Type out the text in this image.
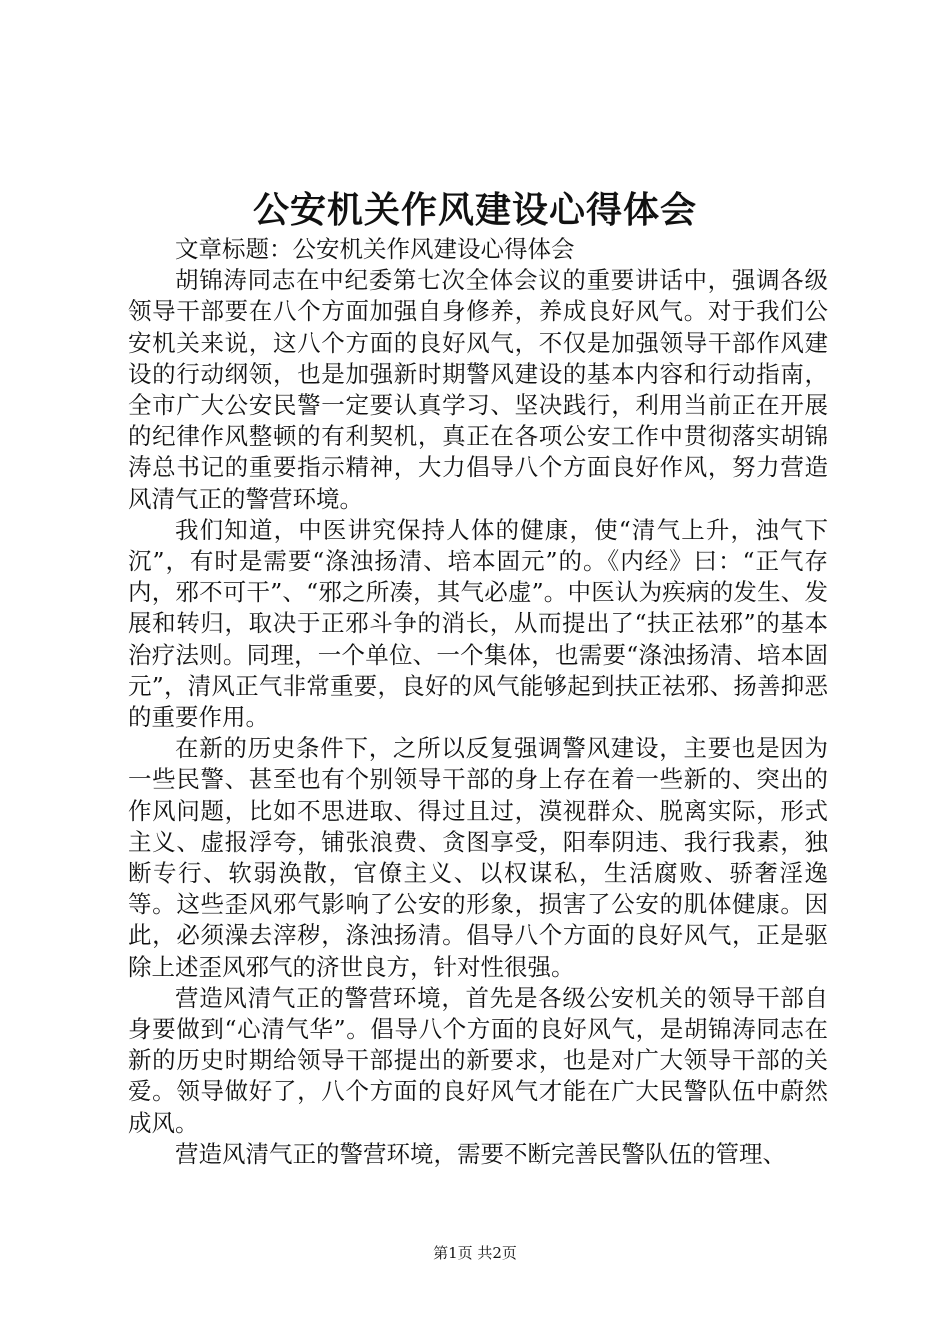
公安机关作风建设心得体会

文章标题：公安机关作风建设心得体会

胡锦涛同志在中纪委第七次全体会议的重要讲话中，强调各级领导干部要在八个方面加强自身修养，养成良好风气。对于我们公安机关来说，这八个方面的良好风气，不仅是加强领导干部作风建设的行动纲领，也是加强新时期警风建设的基本内容和行动指南，全市广大公安民警一定要认真学习、坚决践行，利用当前正在开展的纪律作风整顿的有利契机，真正在各项公安工作中贯彻落实胡锦涛总书记的重要指示精神，大力倡导八个方面良好作风，努力营造风清气正的警营环境。

我们知道，中医讲究保持人体的健康，使“清气上升，浊气下沉”，有时是需要“涤浊扬清、培本固元”的。《内经》曰：“正气存内，邪不可干”、“邪之所凑，其气必虚”。中医认为疾病的发生、发展和转归，取决于正邪斗争的消长，从而提出了“扶正祛邪”的基本治疗法则。同理，一个单位、一个集体，也需要“涤浊扬清、培本固元”，清风正气非常重要，良好的风气能够起到扶正祛邪、扬善抑恶的重要作用。

在新的历史条件下，之所以反复强调警风建设，主要也是因为一些民警、甚至也有个别领导干部的身上存在着一些新的、突出的作风问题，比如不思进取、得过且过，漠视群众、脱离实际，形式主义、虚报浮夸，铺张浪费、贪图享受，阳奉阴违、我行我素，独断专行、软弱涣散，官僚主义、以权谋私，生活腐败、骄奢淫逸等。这些歪风邪气影响了公安的形象，损害了公安的肌体健康。因此，必须澡去滓秽，涤浊扬清。倡导八个方面的良好风气，正是驱除上述歪风邪气的济世良方，针对性很强。

营造风清气正的警营环境，首先是各级公安机关的领导干部自身要做到“心清气华”。倡导八个方面的良好风气，是胡锦涛同志在新的历史时期给领导干部提出的新要求，也是对广大领导干部的关爱。领导做好了，八个方面的良好风气才能在广大民警队伍中蔚然成风。

营造风清气正的警营环境，需要不断完善民警队伍的管理、

第1页 共2页
